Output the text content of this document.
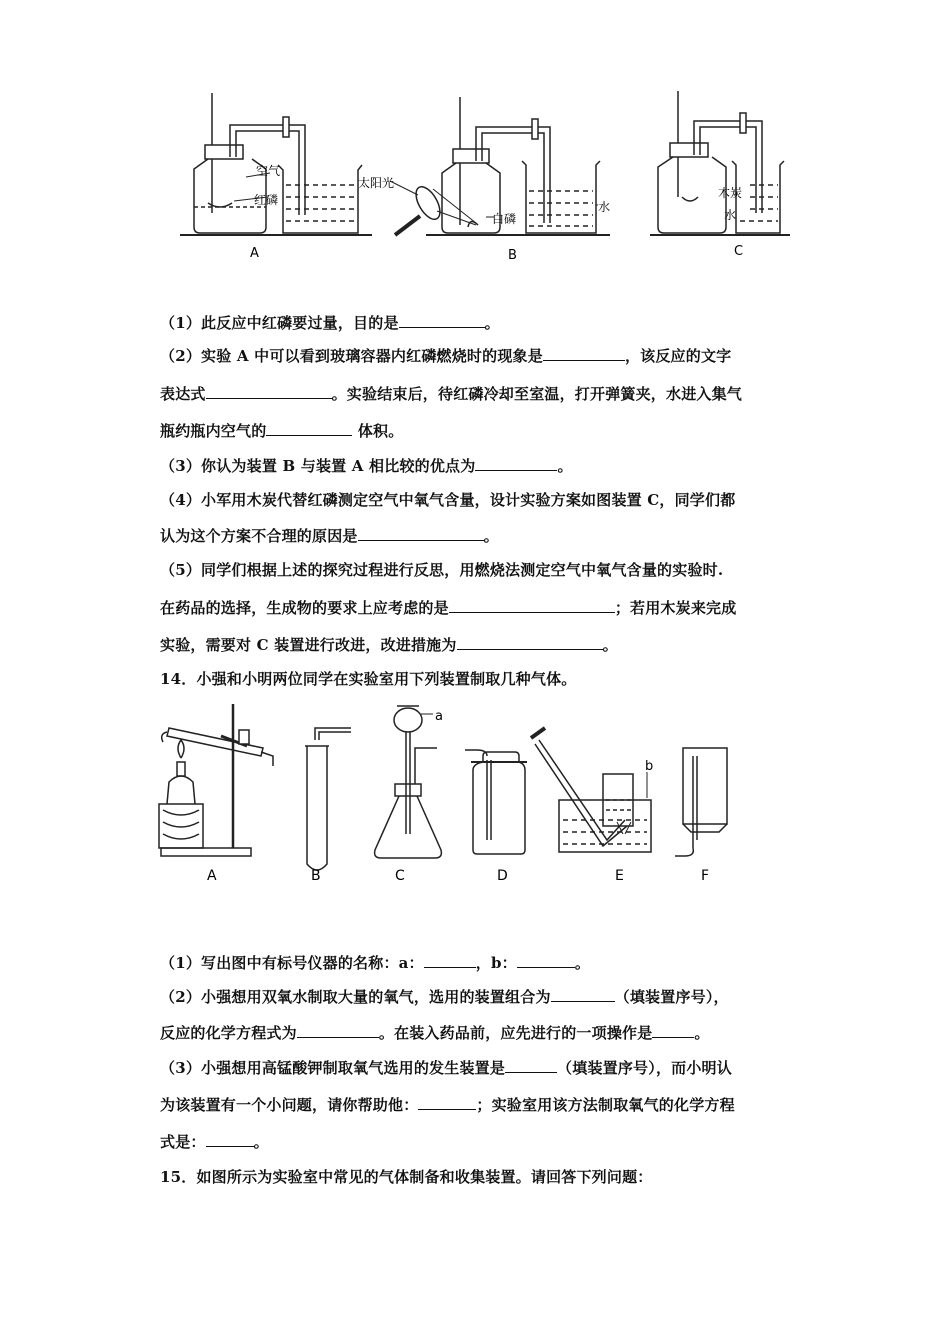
空气
红磷
太阳光
白磷
水
木炭
水
A	B	C
（1）此反应中红磷要过量，目的是	。
（2）实验 A 中可以看到玻璃容器内红磷燃烧时的现象是	，该反应的文字
表达式	。实验结束后，待红磷冷却至室温，打开弹簧夹，水进入集气
瓶约瓶内空气的	体积。
（3）你认为装置 B 与装置 A 相比较的优点为	。
（4）小军用木炭代替红磷测定空气中氧气含量，设计实验方案如图装置 C，同学们都
认为这个方案不合理的原因是	。
（5）同学们根据上述的探究过程进行反思，用燃烧法测定空气中氧气含量的实验时.
在药品的选择，生成物的要求上应考虑的是	；若用木炭来完成
实验，需要对 C 装置进行改进，改进措施为	。
14．小强和小明两位同学在实验室用下列装置制取几种气体。
a
b
A	B	C	D	E	F
（1）写出图中有标号仪器的名称：a：	，b：	。
（2）小强想用双氧水制取大量的氧气，选用的装置组合为	（填装置序号），
反应的化学方程式为	。在装入药品前，应先进行的一项操作是	。
（3）小强想用高锰酸钾制取氧气选用的发生装置是	（填装置序号），而小明认
为该装置有一个小问题，请你帮助他：	；实验室用该方法制取氧气的化学方程
式是：	。
15．如图所示为实验室中常见的气体制备和收集装置。请回答下列问题：
